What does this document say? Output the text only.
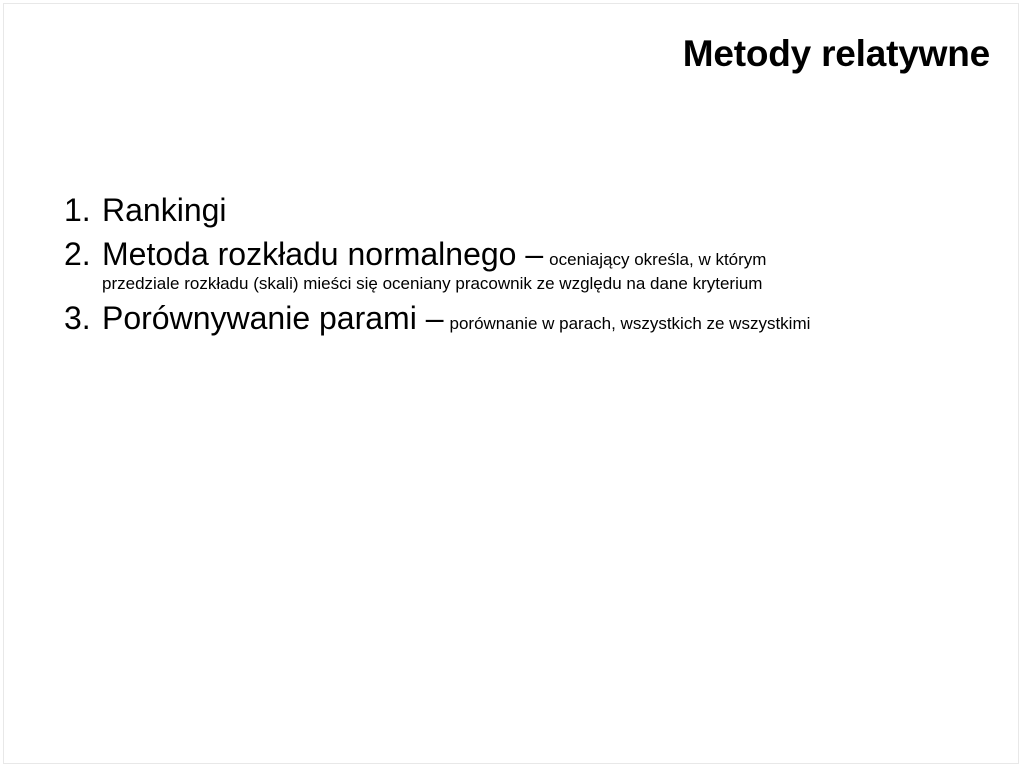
Metody relatywne
1. Rankingi
2. Metoda rozkładu normalnego – oceniający określa, w którym
przedziale rozkładu (skali) mieści się oceniany pracownik ze względu na dane kryterium
3. Porównywanie parami – porównanie w parach, wszystkich ze wszystkimi
